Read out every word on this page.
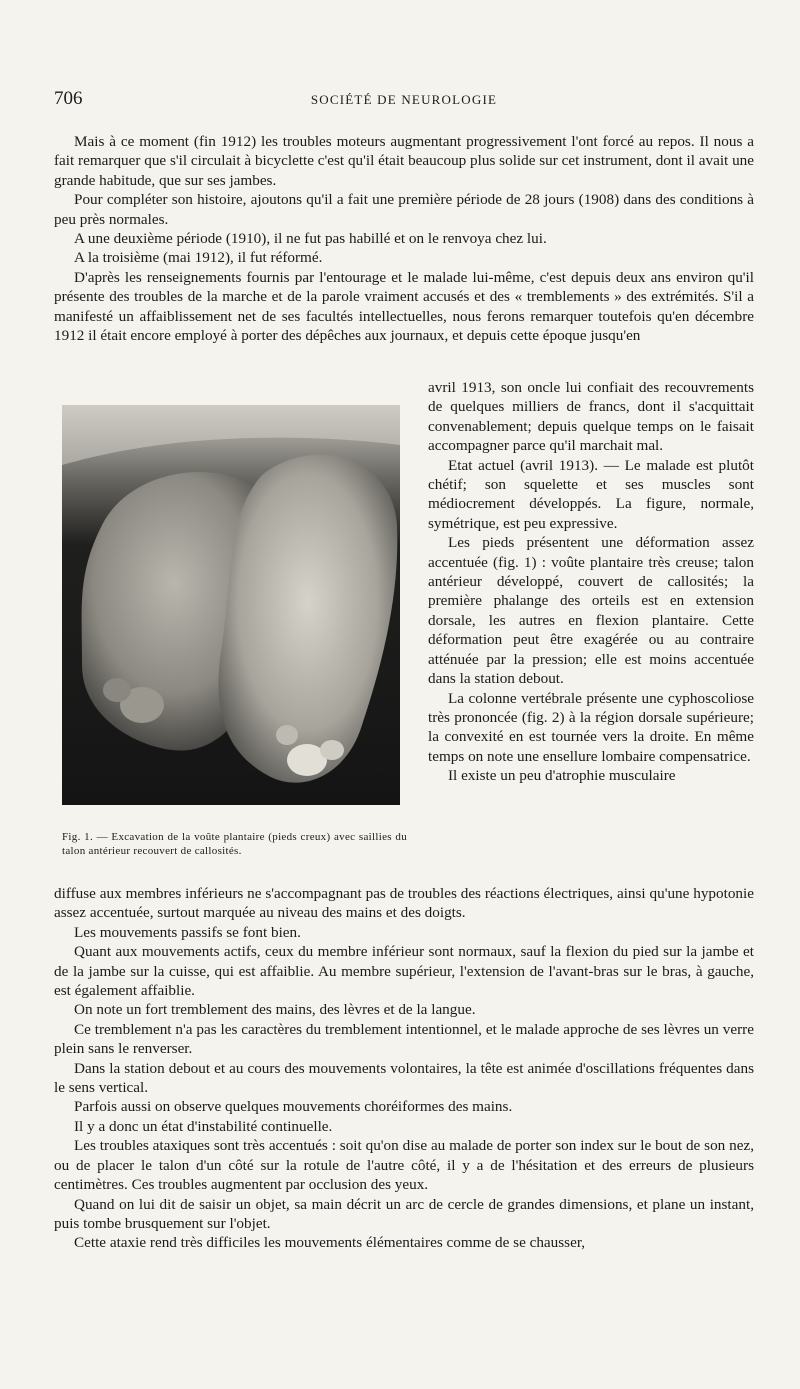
706	SOCIÉTÉ DE NEUROLOGIE

Mais à ce moment (fin 1912) les troubles moteurs augmentant progressivement l'ont forcé au repos. Il nous a fait remarquer que s'il circulait à bicyclette c'est qu'il était beaucoup plus solide sur cet instrument, dont il avait une grande habitude, que sur ses jambes.

Pour compléter son histoire, ajoutons qu'il a fait une première période de 28 jours (1908) dans des conditions à peu près normales.

A une deuxième période (1910), il ne fut pas habillé et on le renvoya chez lui.

A la troisième (mai 1912), il fut réformé.

D'après les renseignements fournis par l'entourage et le malade lui-même, c'est depuis deux ans environ qu'il présente des troubles de la marche et de la parole vraiment accusés et des « tremblements » des extrémités. S'il a manifesté un affaiblissement net de ses facultés intellectuelles, nous ferons remarquer toutefois qu'en décembre 1912 il était encore employé à porter des dépêches aux journaux, et depuis cette époque jusqu'en

Fig. 1. — Excavation de la voûte plantaire (pieds creux) avec saillies du talon antérieur recouvert de callosités.

avril 1913, son oncle lui confiait des recouvrements de quelques milliers de francs, dont il s'acquittait convenablement; depuis quelque temps on le faisait accompagner parce qu'il marchait mal.

Etat actuel (avril 1913). — Le malade est plutôt chétif; son squelette et ses muscles sont médiocrement développés. La figure, normale, symétrique, est peu expressive.

Les pieds présentent une déformation assez accentuée (fig. 1) : voûte plantaire très creuse; talon antérieur développé, couvert de callosités; la première phalange des orteils est en extension dorsale, les autres en flexion plantaire. Cette déformation peut être exagérée ou au contraire atténuée par la pression; elle est moins accentuée dans la station debout.

La colonne vertébrale présente une cyphoscoliose très prononcée (fig. 2) à la région dorsale supérieure; la convexité en est tournée vers la droite. En même temps on note une ensellure lombaire compensatrice.

Il existe un peu d'atrophie musculaire

diffuse aux membres inférieurs ne s'accompagnant pas de troubles des réactions électriques, ainsi qu'une hypotonie assez accentuée, surtout marquée au niveau des mains et des doigts.

Les mouvements passifs se font bien.

Quant aux mouvements actifs, ceux du membre inférieur sont normaux, sauf la flexion du pied sur la jambe et de la jambe sur la cuisse, qui est affaiblie. Au membre supérieur, l'extension de l'avant-bras sur le bras, à gauche, est également affaiblie.

On note un fort tremblement des mains, des lèvres et de la langue.

Ce tremblement n'a pas les caractères du tremblement intentionnel, et le malade approche de ses lèvres un verre plein sans le renverser.

Dans la station debout et au cours des mouvements volontaires, la tête est animée d'oscillations fréquentes dans le sens vertical.

Parfois aussi on observe quelques mouvements choréiformes des mains.

Il y a donc un état d'instabilité continuelle.

Les troubles ataxiques sont très accentués : soit qu'on dise au malade de porter son index sur le bout de son nez, ou de placer le talon d'un côté sur la rotule de l'autre côté, il y a de l'hésitation et des erreurs de plusieurs centimètres. Ces troubles augmentent par occlusion des yeux.

Quand on lui dit de saisir un objet, sa main décrit un arc de cercle de grandes dimensions, et plane un instant, puis tombe brusquement sur l'objet.

Cette ataxie rend très difficiles les mouvements élémentaires comme de se chausser,
